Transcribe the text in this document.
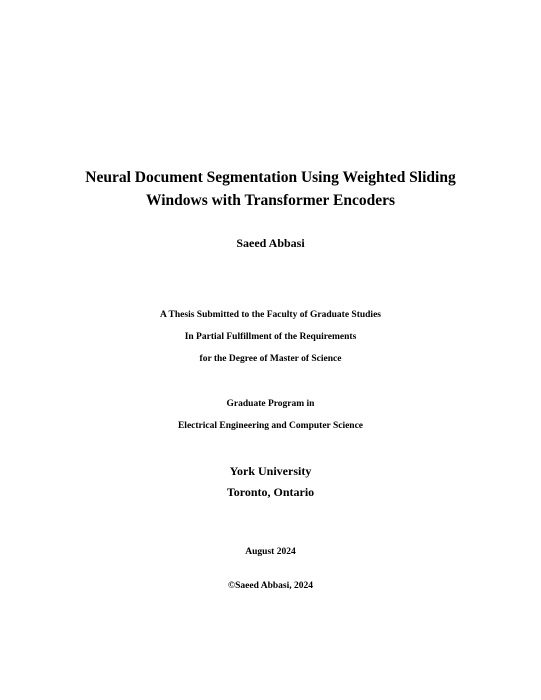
Neural Document Segmentation Using Weighted Sliding
Windows with Transformer Encoders
Saeed Abbasi
A Thesis Submitted to the Faculty of Graduate Studies
In Partial Fulfillment of the Requirements
for the Degree of Master of Science
Graduate Program in
Electrical Engineering and Computer Science
York University
Toronto, Ontario
August 2024
©Saeed Abbasi, 2024
